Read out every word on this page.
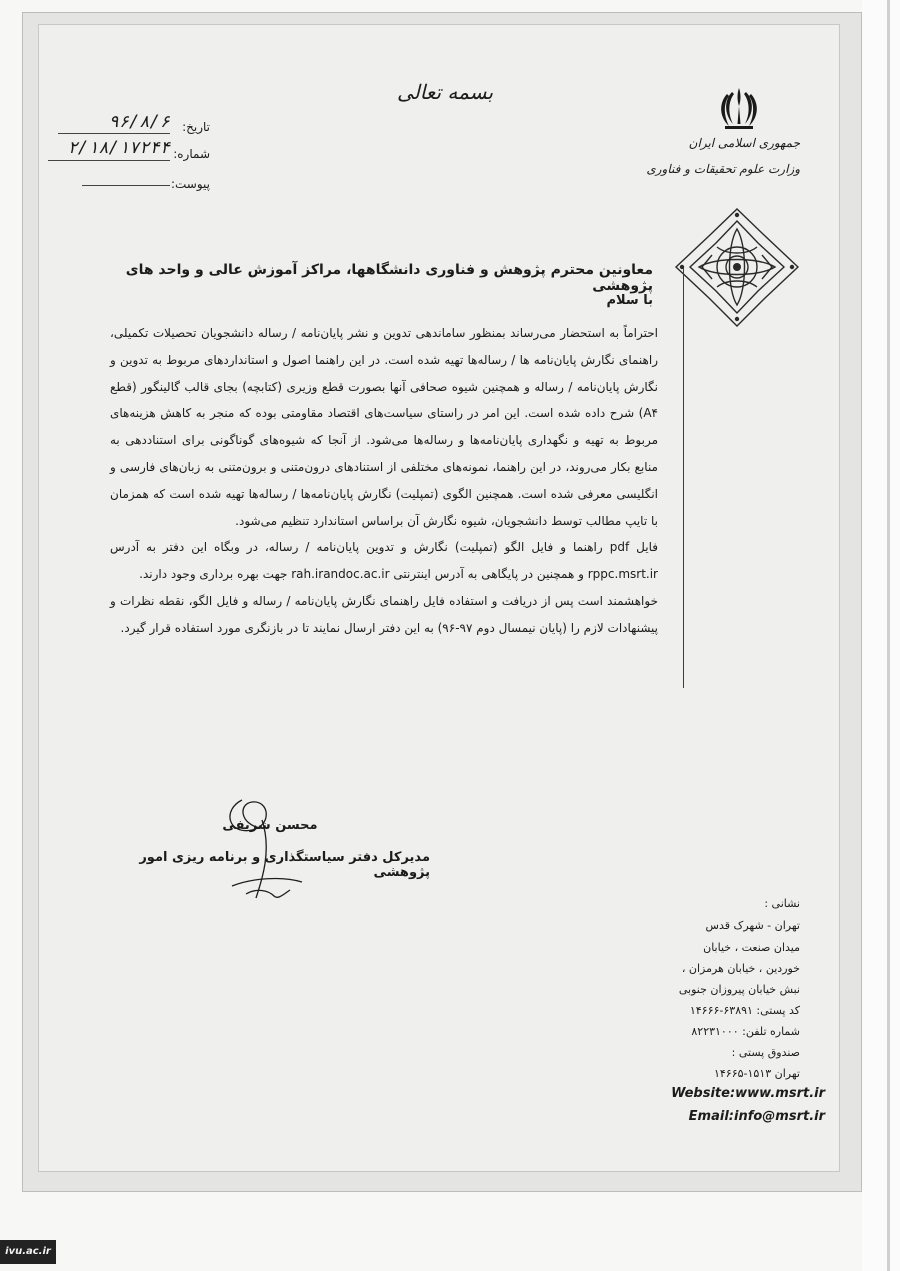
بسمه تعالی
تاریخ:
۹۶/۸/۶
شماره:
۲/۱۸/۱۷۲۴۴
پیوست:
جمهوری اسلامی ایران
وزارت علوم تحقیقات و فناوری
معاونین محترم پژوهش و فناوری دانشگاهها، مراکز آموزش عالی و واحد های پژوهشی
با سلام

احتراماً به استحضار می‌رساند بمنظور ساماندهی تدوین و نشر پایان‌نامه / رساله دانشجویان تحصیلات تکمیلی، راهنمای نگارش پایان‌نامه ها / رساله‌ها تهیه شده است. در این راهنما اصول و استانداردهای مربوط به تدوین و نگارش پایان‌نامه / رساله و همچنین شیوه صحافی آنها بصورت قطع وزیری (کتابچه) بجای قالب گالینگور (قطع A۴) شرح داده شده است. این امر در راستای سیاست‌های اقتصاد مقاومتی بوده که منجر به کاهش هزینه‌های مربوط به تهیه و نگهداری پایان‌نامه‌ها و رساله‌ها می‌شود. از آنجا که شیوه‌های گوناگونی برای استناددهی به منابع بکار می‌روند، در این راهنما، نمونه‌های مختلفی از استنادهای درون‌متنی و برون‌متنی به زبان‌های فارسی و انگلیسی معرفی شده است. همچنین الگوی (تمپلیت) نگارش پایان‌نامه‌ها / رساله‌ها تهیه شده است که همزمان با تایپ مطالب توسط دانشجویان، شیوه نگارش آن براساس استاندارد تنظیم می‌شود.

فایل pdf راهنما و فایل الگو (تمپلیت) نگارش و تدوین پایان‌نامه / رساله، در وبگاه این دفتر به آدرس rppc.msrt.ir و همچنین در پایگاهی به آدرس اینترنتی rah.irandoc.ac.ir جهت بهره برداری وجود دارند.

خواهشمند است پس از دریافت و استفاده فایل راهنمای نگارش پایان‌نامه / رساله و فایل الگو، نقطه نظرات و پیشنهادات لازم را (پایان نیمسال دوم ۹۷-۹۶) به این دفتر ارسال نمایند تا در بازنگری مورد استفاده قرار گیرد.

محسن شریفی
مدیرکل دفتر سیاستگذاری و برنامه ریزی امور پژوهشی
نشانی :
تهران - شهرک قدس
میدان صنعت ، خیابان
خوردین ، خیابان هرمزان ،
نبش خیابان پیروزان جنوبی
کد پستی: ۶۳۸۹۱-۱۴۶۶۶
شماره تلفن: ۸۲۲۳۱۰۰۰
صندوق پستی :
تهران ۱۵۱۳-۱۴۶۶۵
Website:www.msrt.ir
Email:info@msrt.ir
ivu.ac.ir
